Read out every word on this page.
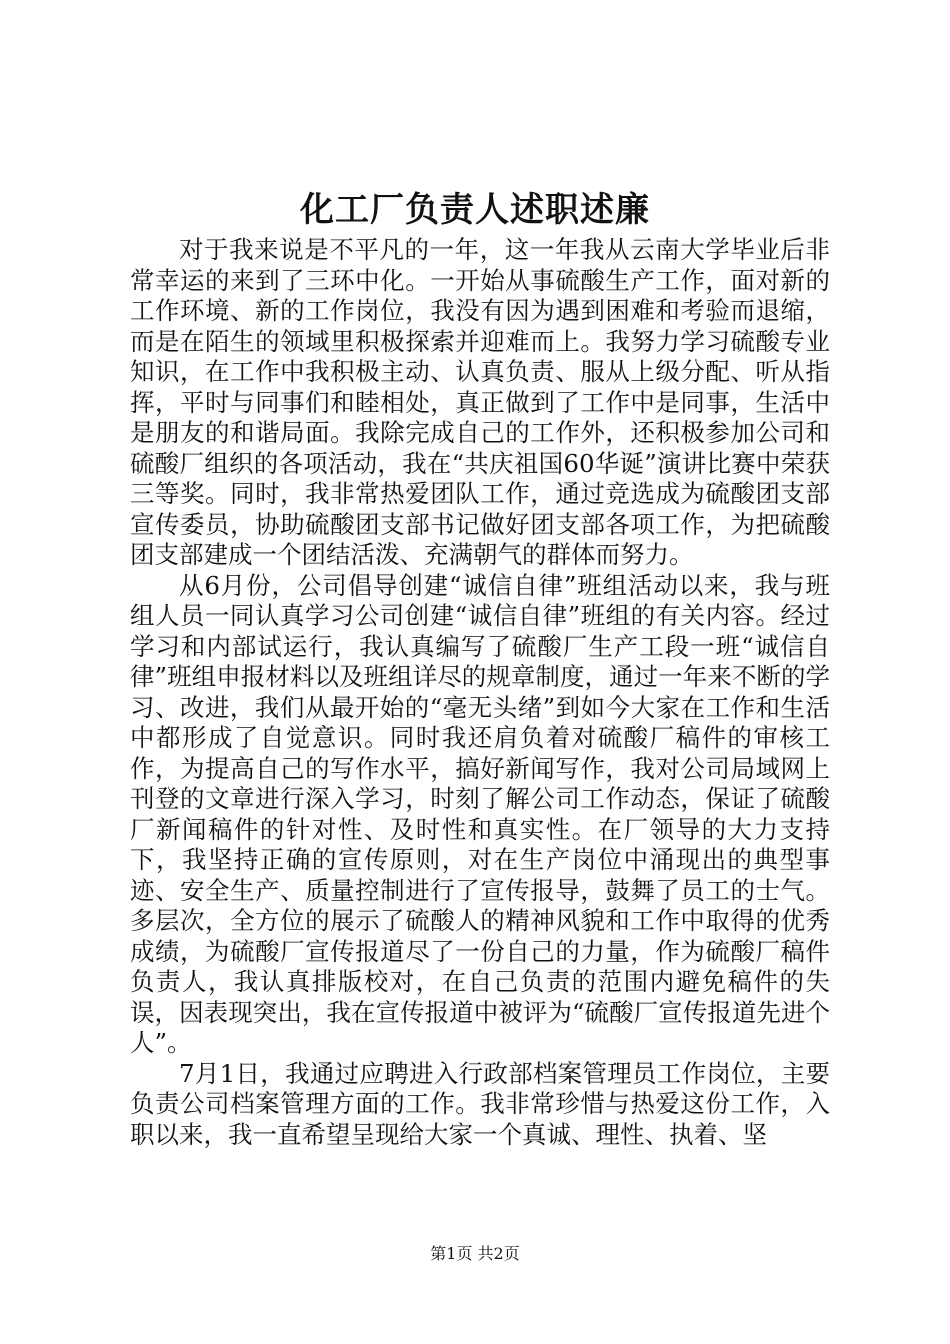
化工厂负责人述职述廉

对于我来说是不平凡的一年，这一年我从云南大学毕业后非常幸运的来到了三环中化。一开始从事硫酸生产工作，面对新的工作环境、新的工作岗位，我没有因为遇到困难和考验而退缩，而是在陌生的领域里积极探索并迎难而上。我努力学习硫酸专业知识，在工作中我积极主动、认真负责、服从上级分配、听从指挥，平时与同事们和睦相处，真正做到了工作中是同事，生活中是朋友的和谐局面。我除完成自己的工作外，还积极参加公司和硫酸厂组织的各项活动，我在“共庆祖国60华诞”演讲比赛中荣获三等奖。同时，我非常热爱团队工作，通过竞选成为硫酸团支部宣传委员，协助硫酸团支部书记做好团支部各项工作，为把硫酸团支部建成一个团结活泼、充满朝气的群体而努力。

从6月份，公司倡导创建“诚信自律”班组活动以来，我与班组人员一同认真学习公司创建“诚信自律”班组的有关内容。经过学习和内部试运行，我认真编写了硫酸厂生产工段一班“诚信自律”班组申报材料以及班组详尽的规章制度，通过一年来不断的学习、改进，我们从最开始的“毫无头绪”到如今大家在工作和生活中都形成了自觉意识。同时我还肩负着对硫酸厂稿件的审核工作，为提高自己的写作水平，搞好新闻写作，我对公司局域网上刊登的文章进行深入学习，时刻了解公司工作动态，保证了硫酸厂新闻稿件的针对性、及时性和真实性。在厂领导的大力支持下，我坚持正确的宣传原则，对在生产岗位中涌现出的典型事迹、安全生产、质量控制进行了宣传报导，鼓舞了员工的士气。多层次，全方位的展示了硫酸人的精神风貌和工作中取得的优秀成绩，为硫酸厂宣传报道尽了一份自己的力量，作为硫酸厂稿件负责人，我认真排版校对，在自己负责的范围内避免稿件的失误，因表现突出，我在宣传报道中被评为“硫酸厂宣传报道先进个人”。

7月1日，我通过应聘进入行政部档案管理员工作岗位，主要负责公司档案管理方面的工作。我非常珍惜与热爱这份工作，入职以来，我一直希望呈现给大家一个真诚、理性、执着、坚

第1页 共2页
